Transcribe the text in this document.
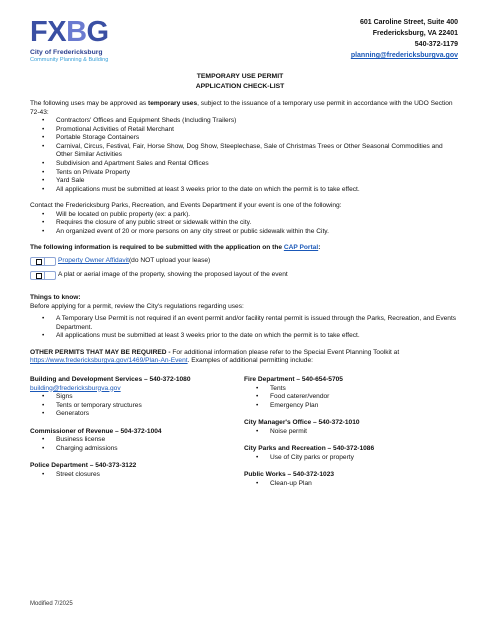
FXBG
City of Fredericksburg
Community Planning & Building
601 Caroline Street, Suite 400
Fredericksburg, VA 22401
540-372-1179
planning@fredericksburgva.gov
TEMPORARY USE PERMIT
APPLICATION CHECK-LIST

The following uses may be approved as temporary uses, subject to the issuance of a temporary use permit in accordance with the UDO Section 72-43:

• Contractors' Offices and Equipment Sheds (Including Trailers)
• Promotional Activities of Retail Merchant
• Portable Storage Containers
• Carnival, Circus, Festival, Fair, Horse Show, Dog Show, Steeplechase, Sale of Christmas Trees or Other Seasonal Commodities and Other Similar Activities
• Subdivision and Apartment Sales and Rental Offices
• Tents on Private Property
• Yard Sale
• All applications must be submitted at least 3 weeks prior to the date on which the permit is to take effect.

Contact the Fredericksburg Parks, Recreation, and Events Department if your event is one of the following:

• Will be located on public property (ex: a park).
• Requires the closure of any public street or sidewalk within the city.
• An organized event of 20 or more persons on any city street or public sidewalk within the City.

The following information is required to be submitted with the application on the CAP Portal:

Property Owner Affidavit (do NOT upload your lease)
A plat or aerial image of the property, showing the proposed layout of the event

Things to know:

Before applying for a permit, review the City's regulations regarding uses:

• A Temporary Use Permit is not required if an event permit and/or facility rental permit is issued through the Parks, Recreation, and Events Department.
• All applications must be submitted at least 3 weeks prior to the date on which the permit is to take effect.

OTHER PERMITS THAT MAY BE REQUIRED - For additional information please refer to the Special Event Planning Toolkit at https://www.fredericksburgva.gov/1469/Plan-An-Event. Examples of additional permitting include:

Building and Development Services – 540-372-1080
building@fredericksburgva.gov
• Signs
• Tents or temporary structures
• Generators
Commissioner of Revenue – 504-372-1004
• Business license
• Charging admissions
Police Department – 540-373-3122
• Street closures
Fire Department – 540-654-5705
• Tents
• Food caterer/vendor
• Emergency Plan
City Manager's Office – 540-372-1010
• Noise permit
City Parks and Recreation – 540-372-1086
• Use of City parks or property
Public Works – 540-372-1023
• Clean-up Plan
Modified 7/2025
